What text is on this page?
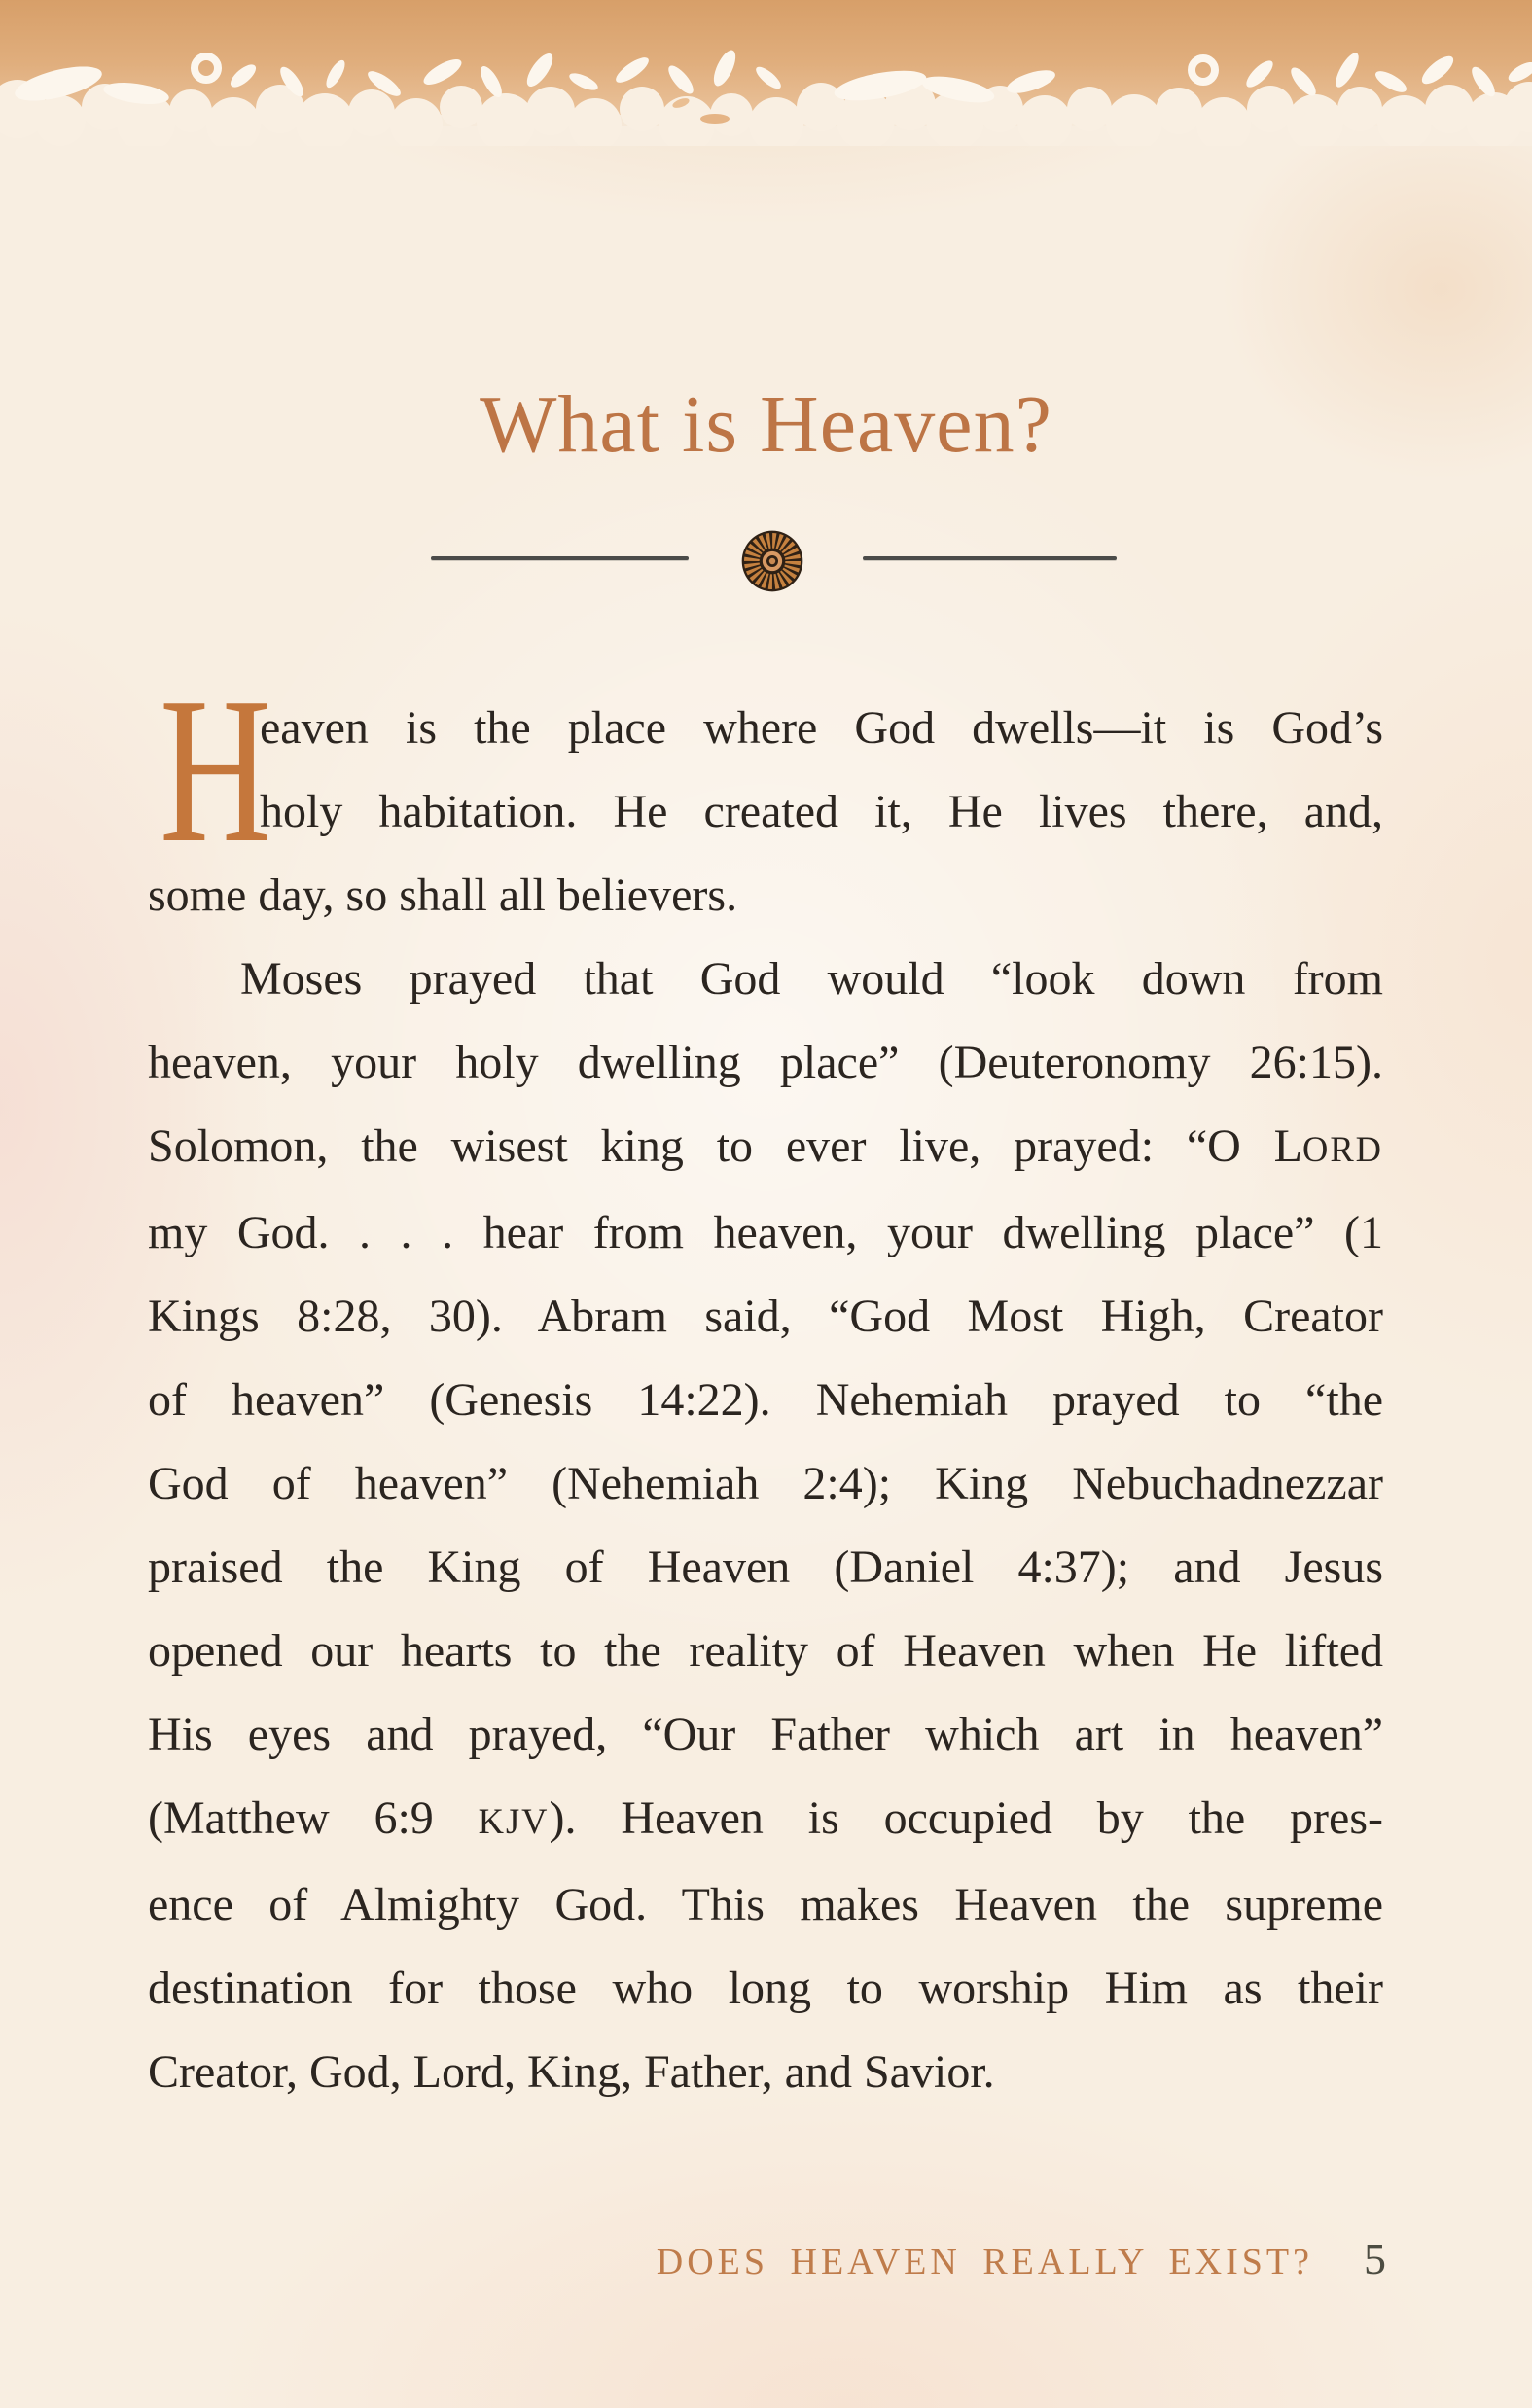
What is Heaven?
H
eaven is the place where God dwells—it is God’s
holy habitation. He created it, He lives there, and,
some day, so shall all believers.
Moses prayed that God would “look down from
heaven, your holy dwelling place” (Deuteronomy 26:15).
Solomon, the wisest king to ever live, prayed: “O LORD
my God. . . . hear from heaven, your dwelling place” (1
Kings 8:28, 30). Abram said, “God Most High, Creator
of heaven” (Genesis 14:22). Nehemiah prayed to “the
God of heaven” (Nehemiah 2:4); King Nebuchadnezzar
praised the King of Heaven (Daniel 4:37); and Jesus
opened our hearts to the reality of Heaven when He lifted
His eyes and prayed, “Our Father which art in heaven”
(Matthew 6:9 KJV). Heaven is occupied by the pres-
ence of Almighty God. This makes Heaven the supreme
destination for those who long to worship Him as their
Creator, God, Lord, King, Father, and Savior.
DOES HEAVEN REALLY EXIST? 5
